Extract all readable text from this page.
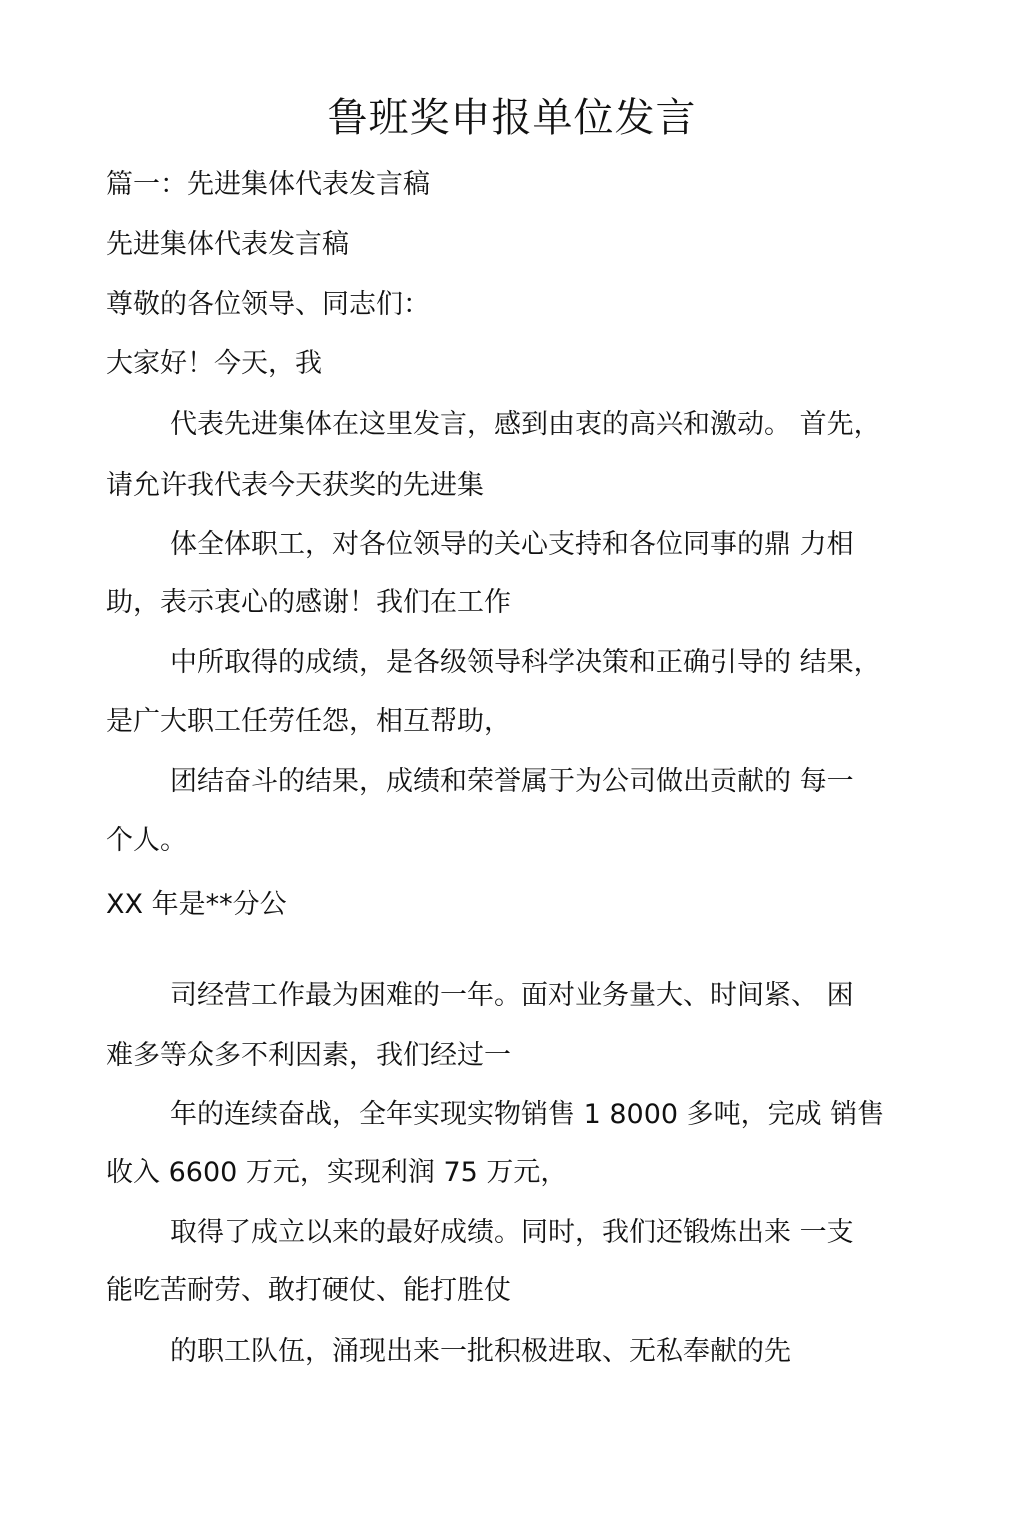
鲁班奖申报单位发言
篇一：先进集体代表发言稿
先进集体代表发言稿
尊敬的各位领导、同志们：
大家好！今天，我
代表先进集体在这里发言，感到由衷的高兴和激动。 首先，
请允许我代表今天获奖的先进集
体全体职工，对各位领导的关心支持和各位同事的鼎 力相
助，表示衷心的感谢！我们在工作
中所取得的成绩，是各级领导科学决策和正确引导的 结果，
是广大职工任劳任怨，相互帮助，
团结奋斗的结果，成绩和荣誉属于为公司做出贡献的 每一
个人。
XX 年是**分公
司经营工作最为困难的一年。面对业务量大、时间紧、 困
难多等众多不利因素，我们经过一
年的连续奋战，全年实现实物销售 1 8000 多吨，完成 销售
收入 6600 万元，实现利润 75 万元，
取得了成立以来的最好成绩。同时，我们还锻炼出来 一支
能吃苦耐劳、敢打硬仗、能打胜仗
的职工队伍，涌现出来一批积极进取、无私奉献的先
